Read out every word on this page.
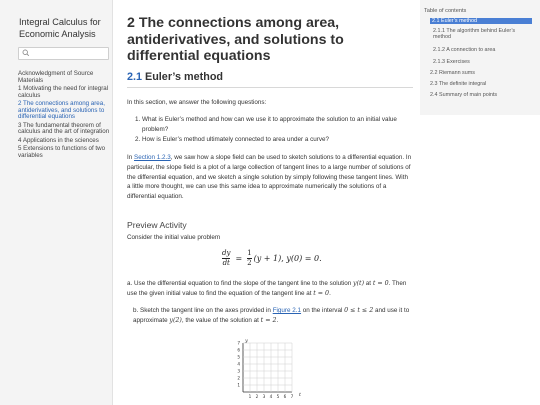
Integral Calculus for Economic Analysis
Acknowledgment of Source Materials
1 Motivating the need for integral calculus
2 The connections among area, antiderivatives, and solutions to differential equations
3 The fundamental theorem of calculus and the art of integration
4 Applications in the sciences
5 Extensions to functions of two variables
2 The connections among area, antiderivatives, and solutions to differential equations
2.1 Euler’s method
In this section, we answer the following questions:
1. What is Euler’s method and how can we use it to approximate the solution to an initial value problem?
2. How is Euler’s method ultimately connected to area under a curve?
In Section 1.2.3, we saw how a slope field can be used to sketch solutions to a differential equation. In particular, the slope field is a plot of a large collection of tangent lines to a large number of solutions of the differential equation, and we sketch a single solution by simply following these tangent lines. With a little more thought, we can use this same idea to approximate numerically the solutions of a differential equation.
Preview Activity
Consider the initial value problem
$\frac{dy}{dt} = \frac{1}{2} (y + 1)$, y(0) = 0.
a. Use the differential equation to find the slope of the tangent line to the solution y(t) at t = 0. Then use the given initial value to find the equation of the tangent line at t = 0.
b. Sketch the tangent line on the axes provided in Figure 2.1 on the interval 0 ≤ t ≤ 2 and use it to approximate y(2), the value of the solution at t = 2.
1 2 3 4 5 6 7
1
2
3
4
5
6
7 y
t
Table of contents
2.1 Euler’s method
2.1.1 The algorithm behind Euler’s method
2.1.2 A connection to area
2.1.3 Exercises
2.2 Riemann sums
2.3 The definite integral
2.4 Summary of main points
